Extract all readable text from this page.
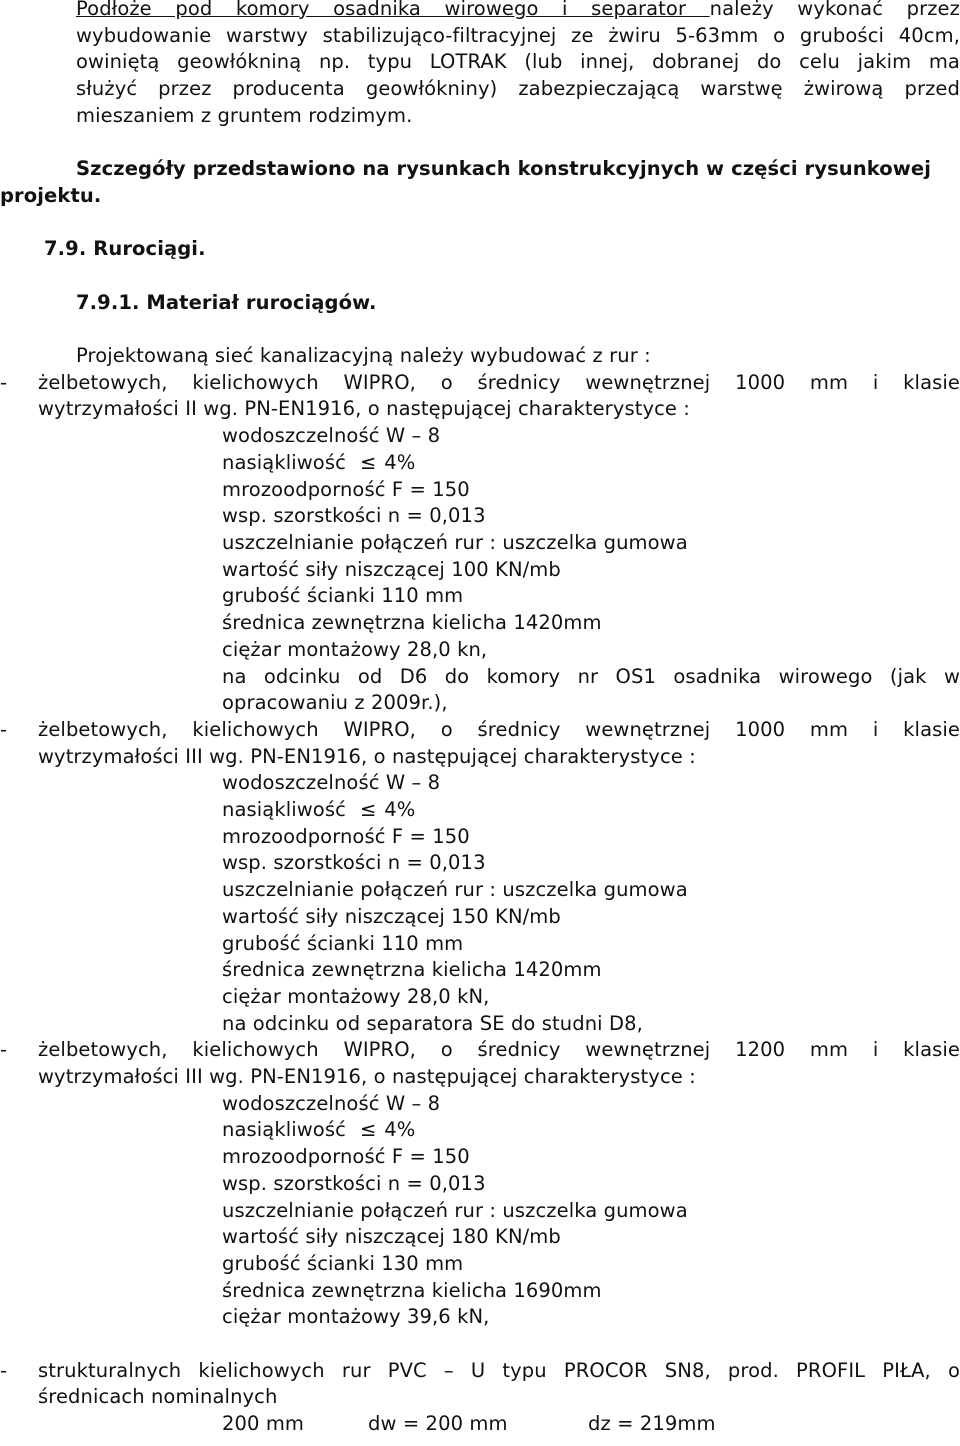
Podłoże pod komory osadnika wirowego i separator należy wykonać przez

wybudowanie warstwy stabilizująco-filtracyjnej ze żwiru 5-63mm o grubości 40cm,

owiniętą geowłókniną np. typu LOTRAK (lub innej, dobranej do celu jakim ma

służyć przez producenta geowłókniny) zabezpieczającą warstwę żwirową przed

mieszaniem z gruntem rodzimym.

Szczegóły przedstawiono na rysunkach konstrukcyjnych w części rysunkowej

projektu.

7.9. Rurociągi.

7.9.1. Materiał rurociągów.

Projektowaną sieć kanalizacyjną należy wybudować z rur :

- żelbetowych, kielichowych WIPRO, o średnicy wewnętrznej 1000 mm i klasie

wytrzymałości II wg. PN-EN1916, o następującej charakterystyce :

wodoszczelność W – 8

nasiąkliwość ≤ 4%

mrozoodporność F = 150

wsp. szorstkości n = 0,013

uszczelnianie połączeń rur : uszczelka gumowa

wartość siły niszczącej 100 KN/mb

grubość ścianki 110 mm

średnica zewnętrzna kielicha 1420mm

ciężar montażowy 28,0 kn,

na odcinku od D6 do komory nr OS1 osadnika wirowego (jak w

opracowaniu z 2009r.),

- żelbetowych, kielichowych WIPRO, o średnicy wewnętrznej 1000 mm i klasie

wytrzymałości III wg. PN-EN1916, o następującej charakterystyce :

wodoszczelność W – 8

nasiąkliwość ≤ 4%

mrozoodporność F = 150

wsp. szorstkości n = 0,013

uszczelnianie połączeń rur : uszczelka gumowa

wartość siły niszczącej 150 KN/mb

grubość ścianki 110 mm

średnica zewnętrzna kielicha 1420mm

ciężar montażowy 28,0 kN,

na odcinku od separatora SE do studni D8,

- żelbetowych, kielichowych WIPRO, o średnicy wewnętrznej 1200 mm i klasie

wytrzymałości III wg. PN-EN1916, o następującej charakterystyce :

wodoszczelność W – 8

nasiąkliwość ≤ 4%

mrozoodporność F = 150

wsp. szorstkości n = 0,013

uszczelnianie połączeń rur : uszczelka gumowa

wartość siły niszczącej 180 KN/mb

grubość ścianki 130 mm

średnica zewnętrzna kielicha 1690mm

ciężar montażowy 39,6 kN,

- strukturalnych kielichowych rur PVC – U typu PROCOR SN8, prod. PROFIL PIŁA, o

średnicach nominalnych

200 mm	dw = 200 mm	dz = 219mm
